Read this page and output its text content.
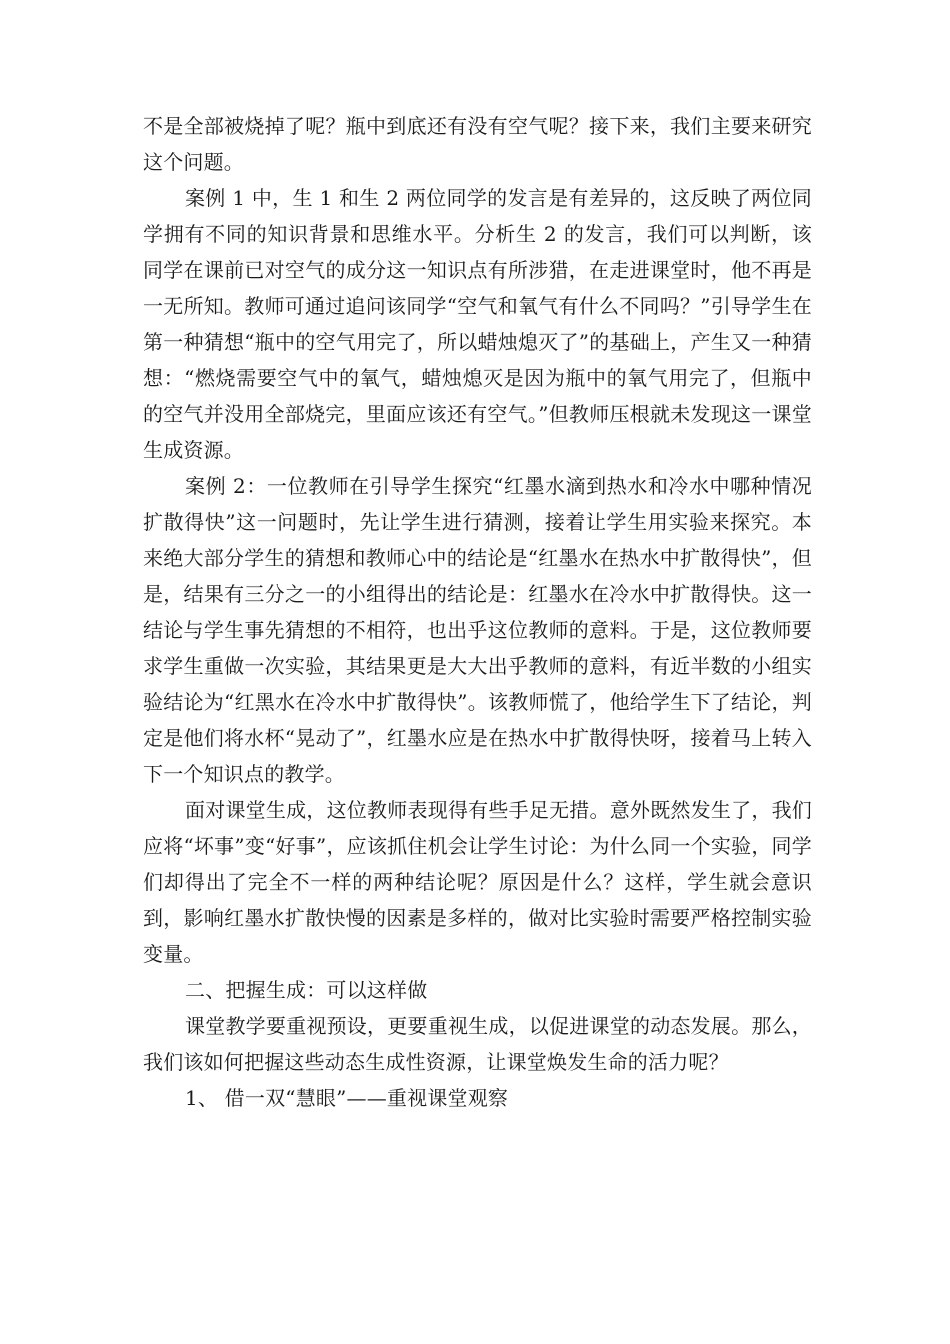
不是全部被烧掉了呢？瓶中到底还有没有空气呢？接下来，我们主要来研究这个问题。

案例 1 中，生 1 和生 2 两位同学的发言是有差异的，这反映了两位同学拥有不同的知识背景和思维水平。分析生 2 的发言，我们可以判断，该同学在课前已对空气的成分这一知识点有所涉猎，在走进课堂时，他不再是一无所知。教师可通过追问该同学“空气和氧气有什么不同吗？”引导学生在第一种猜想“瓶中的空气用完了，所以蜡烛熄灭了”的基础上，产生又一种猜想：“燃烧需要空气中的氧气，蜡烛熄灭是因为瓶中的氧气用完了，但瓶中的空气并没用全部烧完，里面应该还有空气。”但教师压根就未发现这一课堂生成资源。

案例 2：一位教师在引导学生探究“红墨水滴到热水和冷水中哪种情况扩散得快”这一问题时，先让学生进行猜测，接着让学生用实验来探究。本来绝大部分学生的猜想和教师心中的结论是“红墨水在热水中扩散得快”，但是，结果有三分之一的小组得出的结论是：红墨水在冷水中扩散得快。这一结论与学生事先猜想的不相符，也出乎这位教师的意料。于是，这位教师要求学生重做一次实验，其结果更是大大出乎教师的意料，有近半数的小组实验结论为“红黑水在冷水中扩散得快”。该教师慌了，他给学生下了结论，判定是他们将水杯“晃动了”，红墨水应是在热水中扩散得快呀，接着马上转入下一个知识点的教学。

面对课堂生成，这位教师表现得有些手足无措。意外既然发生了，我们应将“坏事”变“好事”，应该抓住机会让学生讨论：为什么同一个实验，同学们却得出了完全不一样的两种结论呢？原因是什么？这样，学生就会意识到，影响红墨水扩散快慢的因素是多样的，做对比实验时需要严格控制实验变量。

二、把握生成：可以这样做

课堂教学要重视预设，更要重视生成，以促进课堂的动态发展。那么，我们该如何把握这些动态生成性资源，让课堂焕发生命的活力呢？

1、 借一双“慧眼”——重视课堂观察
